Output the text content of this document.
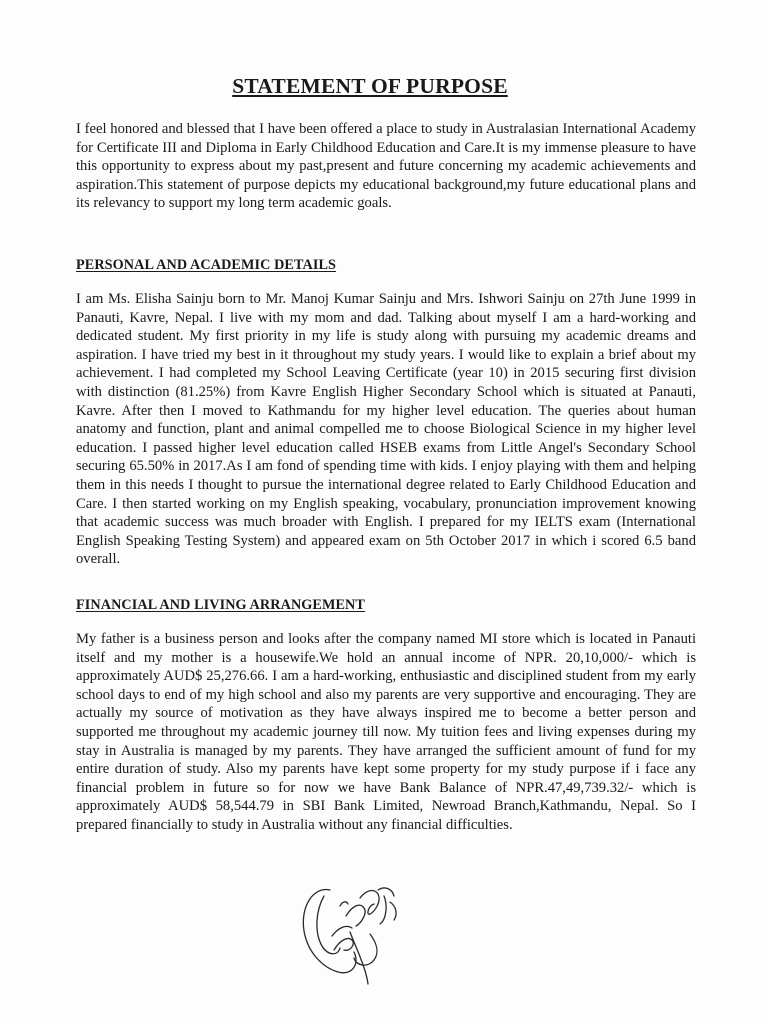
STATEMENT OF PURPOSE
I feel honored and blessed that I have been offered a place to study in Australasian International Academy for Certificate III and Diploma in Early Childhood Education and Care.It is my immense pleasure to have this opportunity to express about my past,present and future concerning my academic achievements and aspiration.This statement of purpose depicts my educational background,my future educational plans and its relevancy to support my long term academic goals.
PERSONAL AND ACADEMIC DETAILS
I am Ms. Elisha Sainju born to Mr. Manoj Kumar Sainju and Mrs. Ishwori Sainju on 27th June 1999 in Panauti, Kavre, Nepal. I live with my mom and dad. Talking about myself I am a hard-working and dedicated student. My first priority in my life is study along with pursuing my academic dreams and aspiration. I have tried my best in it throughout my study years. I would like to explain a brief about my achievement. I had completed my School Leaving Certificate (year 10) in 2015 securing first division with distinction (81.25%) from Kavre English Higher Secondary School which is situated at Panauti, Kavre. After then I moved to Kathmandu for my higher level education. The queries about human anatomy and function, plant and animal compelled me to choose Biological Science in my higher level education. I passed higher level education called HSEB exams from Little Angel's Secondary School securing 65.50% in 2017.As I am fond of spending time with kids. I enjoy playing with them and helping them in this needs I thought to pursue the international degree related to Early Childhood Education and Care. I then started working on my English speaking, vocabulary, pronunciation improvement knowing that academic success was much broader with English. I prepared for my IELTS exam (International English Speaking Testing System) and appeared exam on 5th October 2017 in which i scored 6.5 band overall.
FINANCIAL AND LIVING ARRANGEMENT
My father is a business person and looks after the company named MI store which is located in Panauti itself and my mother is a housewife.We hold an annual income of NPR. 20,10,000/- which is approximately AUD$ 25,276.66. I am a hard-working, enthusiastic and disciplined student from my early school days to end of my high school and also my parents are very supportive and encouraging. They are actually my source of motivation as they have always inspired me to become a better person and supported me throughout my academic journey till now. My tuition fees and living expenses during my stay in Australia is managed by my parents. They have arranged the sufficient amount of fund for my entire duration of study. Also my parents have kept some property for my study purpose if i face any financial problem in future so for now we have Bank Balance of NPR.47,49,739.32/- which is approximately AUD$ 58,544.79 in SBI Bank Limited, Newroad Branch,Kathmandu, Nepal. So I prepared financially to study in Australia without any financial difficulties.
